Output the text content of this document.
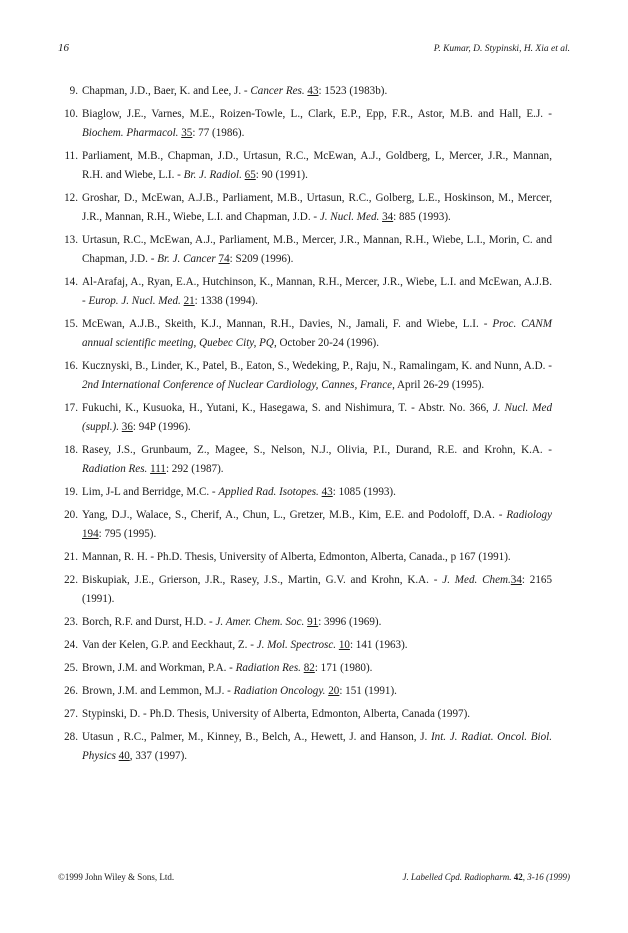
16	P. Kumar, D. Stypinski, H. Xia et al.
9. Chapman, J.D., Baer, K. and Lee, J. - Cancer Res. 43: 1523 (1983b).
10. Biaglow, J.E., Varnes, M.E., Roizen-Towle, L., Clark, E.P., Epp, F.R., Astor, M.B. and Hall, E.J. - Biochem. Pharmacol. 35: 77 (1986).
11. Parliament, M.B., Chapman, J.D., Urtasun, R.C., McEwan, A.J., Goldberg, L, Mercer, J.R., Mannan, R.H. and Wiebe, L.I. - Br. J. Radiol. 65: 90 (1991).
12. Groshar, D., McEwan, A.J.B., Parliament, M.B., Urtasun, R.C., Golberg, L.E., Hoskinson, M., Mercer, J.R., Mannan, R.H., Wiebe, L.I. and Chapman, J.D. - J. Nucl. Med. 34: 885 (1993).
13. Urtasun, R.C., McEwan, A.J., Parliament, M.B., Mercer, J.R., Mannan, R.H., Wiebe, L.I., Morin, C. and Chapman, J.D. - Br. J. Cancer 74: S209 (1996).
14. Al-Arafaj, A., Ryan, E.A., Hutchinson, K., Mannan, R.H., Mercer, J.R., Wiebe, L.I. and McEwan, A.J.B. - Europ. J. Nucl. Med. 21: 1338 (1994).
15. McEwan, A.J.B., Skeith, K.J., Mannan, R.H., Davies, N., Jamali, F. and Wiebe, L.I. - Proc. CANM annual scientific meeting, Quebec City, PQ, October 20-24 (1996).
16. Kucznyski, B., Linder, K., Patel, B., Eaton, S., Wedeking, P., Raju, N., Ramalingam, K. and Nunn, A.D. - 2nd International Conference of Nuclear Cardiology, Cannes, France, April 26-29 (1995).
17. Fukuchi, K., Kusuoka, H., Yutani, K., Hasegawa, S. and Nishimura, T. - Abstr. No. 366, J. Nucl. Med (suppl.). 36: 94P (1996).
18. Rasey, J.S., Grunbaum, Z., Magee, S., Nelson, N.J., Olivia, P.I., Durand, R.E. and Krohn, K.A. - Radiation Res. 111: 292 (1987).
19. Lim, J-L and Berridge, M.C. - Applied Rad. Isotopes. 43: 1085 (1993).
20. Yang, D.J., Walace, S., Cherif, A., Chun, L., Gretzer, M.B., Kim, E.E. and Podoloff, D.A. - Radiology 194: 795 (1995).
21. Mannan, R. H. - Ph.D. Thesis, University of Alberta, Edmonton, Alberta, Canada., p 167 (1991).
22. Biskupiak, J.E., Grierson, J.R., Rasey, J.S., Martin, G.V. and Krohn, K.A. - J. Med. Chem.34: 2165 (1991).
23. Borch, R.F. and Durst, H.D. - J. Amer. Chem. Soc. 91: 3996 (1969).
24. Van der Kelen, G.P. and Eeckhaut, Z. - J. Mol. Spectrosc. 10: 141 (1963).
25. Brown, J.M. and Workman, P.A. - Radiation Res. 82: 171 (1980).
26. Brown, J.M. and Lemmon, M.J. - Radiation Oncology. 20: 151 (1991).
27. Stypinski, D. - Ph.D. Thesis, University of Alberta, Edmonton, Alberta, Canada (1997).
28. Utasun , R.C., Palmer, M., Kinney, B., Belch, A., Hewett, J. and Hanson, J. Int. J. Radiat. Oncol. Biol. Physics 40, 337 (1997).
©1999 John Wiley & Sons, Ltd.	J. Labelled Cpd. Radiopharm. 42, 3-16 (1999)
